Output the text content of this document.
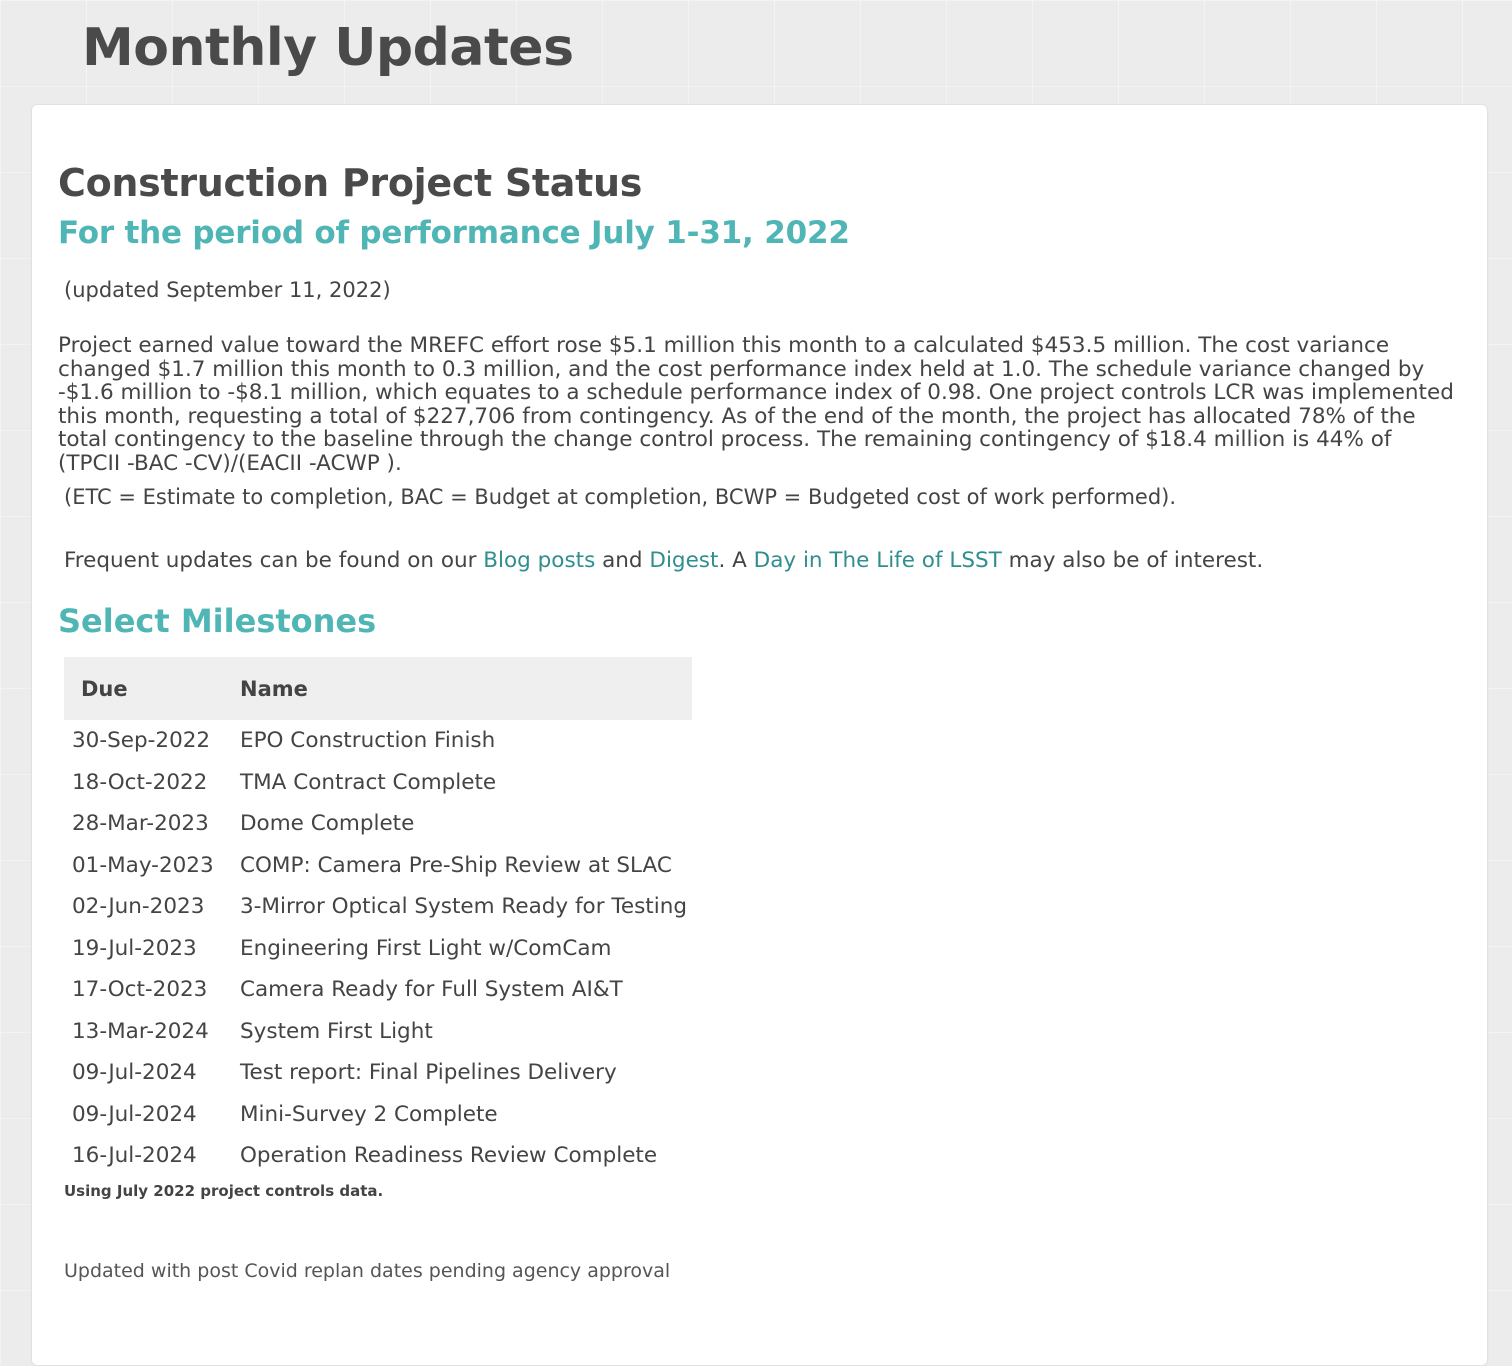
Monthly Updates
Construction Project Status
For the period of performance July 1-31, 2022

(updated September 11, 2022)

Project earned value toward the MREFC effort rose $5.1 million this month to a calculated $453.5 million. The cost variance changed $1.7 million this month to 0.3 million, and the cost performance index held at 1.0. The schedule variance changed by -$1.6 million to -$8.1 million, which equates to a schedule performance index of 0.98. One project controls LCR was implemented this month, requesting a total of $227,706 from contingency. As of the end of the month, the project has allocated 78% of the total contingency to the baseline through the change control process. The remaining contingency of $18.4 million is 44% of (TPCII -BAC -CV)/(EACII -ACWP ).

(ETC = Estimate to completion, BAC = Budget at completion, BCWP = Budgeted cost of work performed).

Frequent updates can be found on our Blog posts and Digest. A Day in The Life of LSST may also be of interest.

Select Milestones
Due	Name
30-Sep-2022	EPO Construction Finish
18-Oct-2022	TMA Contract Complete
28-Mar-2023	Dome Complete
01-May-2023	COMP: Camera Pre-Ship Review at SLAC
02-Jun-2023	3-Mirror Optical System Ready for Testing
19-Jul-2023	Engineering First Light w/ComCam
17-Oct-2023	Camera Ready for Full System AI&T
13-Mar-2024	System First Light
09-Jul-2024	Test report: Final Pipelines Delivery
09-Jul-2024	Mini-Survey 2 Complete
16-Jul-2024	Operation Readiness Review Complete

Using July 2022 project controls data.

Updated with post Covid replan dates pending agency approval
